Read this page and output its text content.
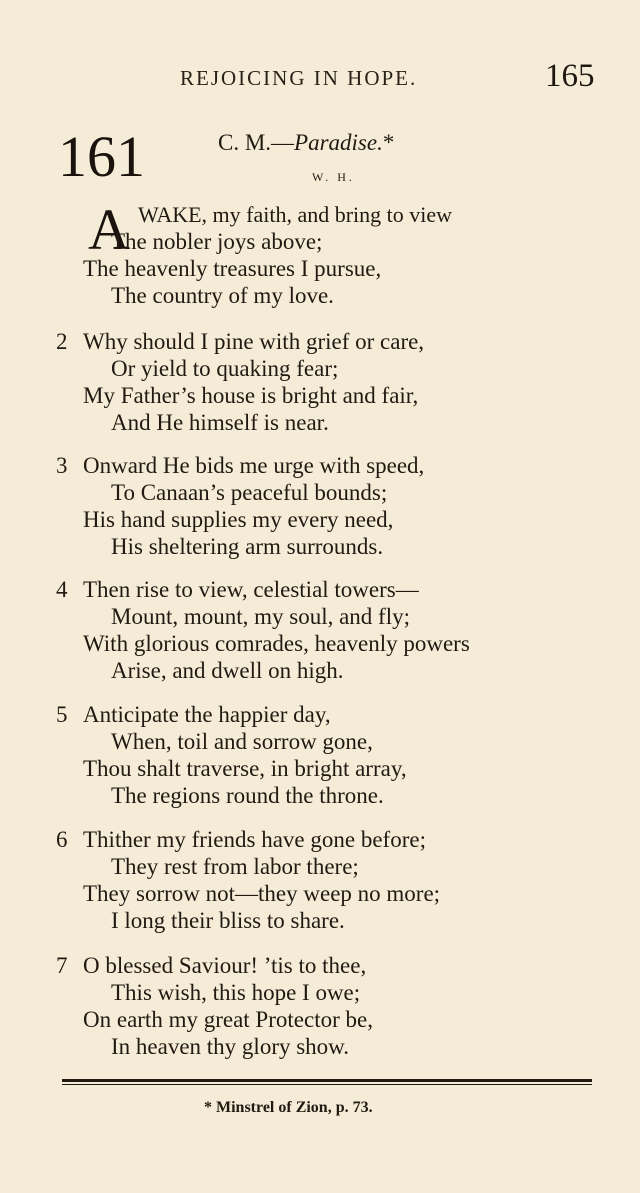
REJOICING IN HOPE.	165
161	C. M.—Paradise.*
W. H.
A WAKE, my faith, and bring to view
The nobler joys above;
The heavenly treasures I pursue,
The country of my love.
2 Why should I pine with grief or care,
Or yield to quaking fear;
My Father’s house is bright and fair,
And He himself is near.
3 Onward He bids me urge with speed,
To Canaan’s peaceful bounds;
His hand supplies my every need,
His sheltering arm surrounds.
4 Then rise to view, celestial towers—
Mount, mount, my soul, and fly;
With glorious comrades, heavenly powers
Arise, and dwell on high.
5 Anticipate the happier day,
When, toil and sorrow gone,
Thou shalt traverse, in bright array,
The regions round the throne.
6 Thither my friends have gone before;
They rest from labor there;
They sorrow not—they weep no more;
I long their bliss to share.
7 O blessed Saviour! ’tis to thee,
This wish, this hope I owe;
On earth my great Protector be,
In heaven thy glory show.
* Minstrel of Zion, p. 73.
